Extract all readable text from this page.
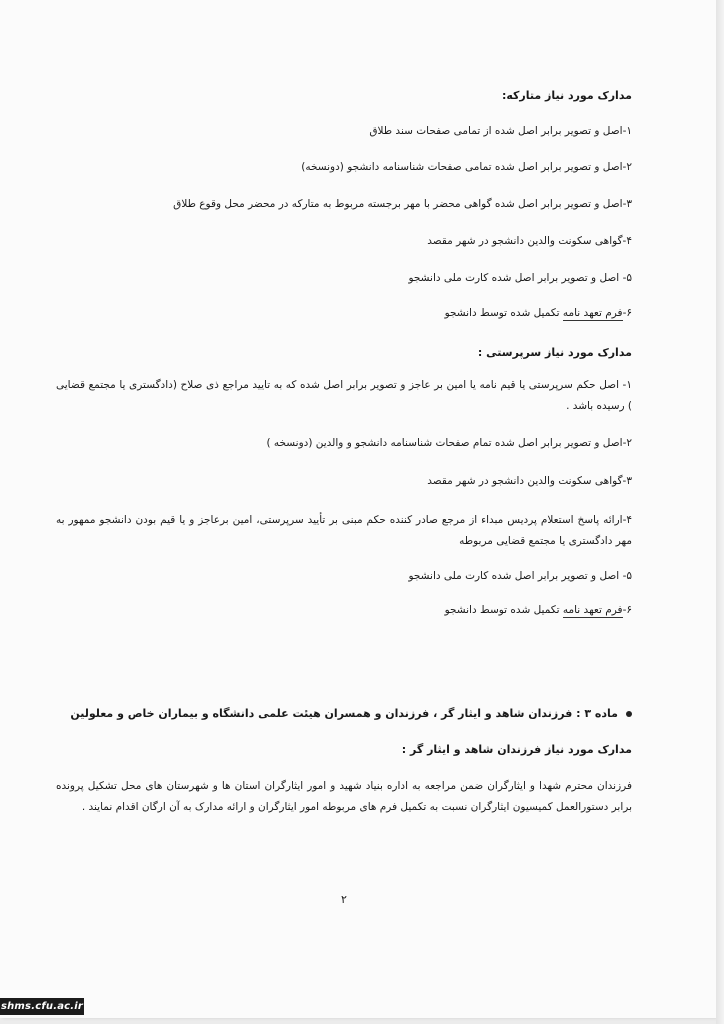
مدارک مورد نیاز متارکه:
۱-اصل و تصویر برابر اصل شده از تمامی صفحات سند طلاق
۲-اصل و تصویر برابر اصل شده تمامی صفحات شناسنامه دانشجو (دونسخه)
۳-اصل و تصویر برابر اصل شده گواهی محضر با مهر برجسته مربوط به متارکه در محضر محل وقوع طلاق
۴-گواهی سکونت والدین دانشجو در شهر مقصد
۵- اصل و تصویر برابر اصل شده کارت ملی دانشجو
۶-فرم تعهد نامه تکمیل شده توسط دانشجو
مدارک مورد نیاز سرپرستی :
۱- اصل حکم سرپرستی یا قیم نامه یا امین بر عاجز و تصویر برابر اصل شده که به تایید مراجع ذی صلاح (دادگستری یا مجتمع قضایی ) رسیده باشد .
۲-اصل و تصویر برابر اصل شده تمام صفحات شناسنامه دانشجو و والدین (دونسخه )
۳-گواهی سکونت والدین دانشجو در شهر مقصد
۴-ارائه پاسخ استعلام پردیس مبداء از مرجع صادر کننده حکم مبنی بر تأیید سرپرستی، امین برعاجز و یا قیم بودن دانشجو ممهور به مهر دادگستری یا مجتمع قضایی مربوطه
۵- اصل و تصویر برابر اصل شده کارت ملی دانشجو
۶-فرم تعهد نامه تکمیل شده توسط دانشجو
ماده ۳ : فرزندان شاهد و ایثار گر ، فرزندان و همسران هیئت علمی دانشگاه و بیماران خاص و معلولین
مدارک مورد نیاز فرزندان شاهد و ایثار گر :
فرزندان محترم شهدا و ایثارگران ضمن مراجعه به اداره بنیاد شهید و امور ایثارگران استان ها و شهرستان های محل تشکیل پرونده برابر دستورالعمل کمیسیون ایثارگران نسبت به تکمیل فرم های مربوطه امور ایثارگران و ارائه مدارک به آن ارگان اقدام نمایند .
۲
shms.cfu.ac.ir
